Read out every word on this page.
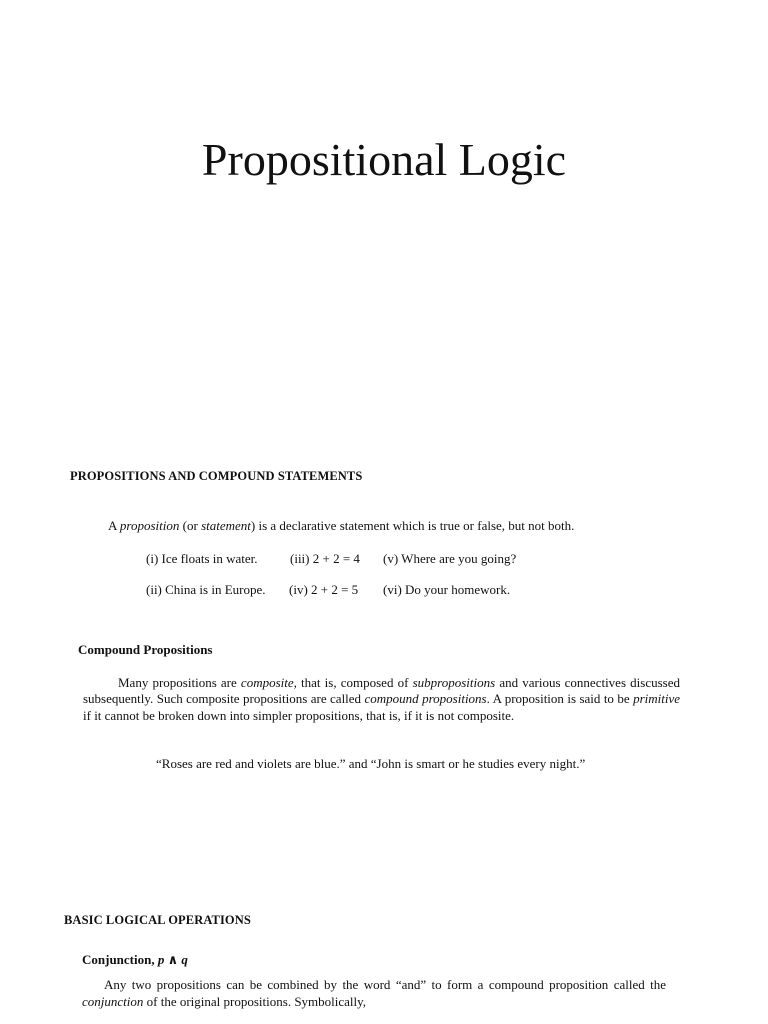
Propositional Logic
PROPOSITIONS AND COMPOUND STATEMENTS
A proposition (or statement) is a declarative statement which is true or false, but not both.
(i) Ice floats in water. (iii) 2 + 2 = 4 (v) Where are you going?
(ii) China is in Europe. (iv) 2 + 2 = 5 (vi) Do your homework.
Compound Propositions
Many propositions are composite, that is, composed of subpropositions and various connectives discussed
subsequently. Such composite propositions are called compound propositions. A proposition is said to be primitive
if it cannot be broken down into simpler propositions, that is, if it is not composite.
“Roses are red and violets are blue.” and “John is smart or he studies every night.”
BASIC LOGICAL OPERATIONS
Conjunction, p ∧ q
Any two propositions can be combined by the word “and” to form a compound proposition called the
conjunction of the original propositions. Symbolically,
